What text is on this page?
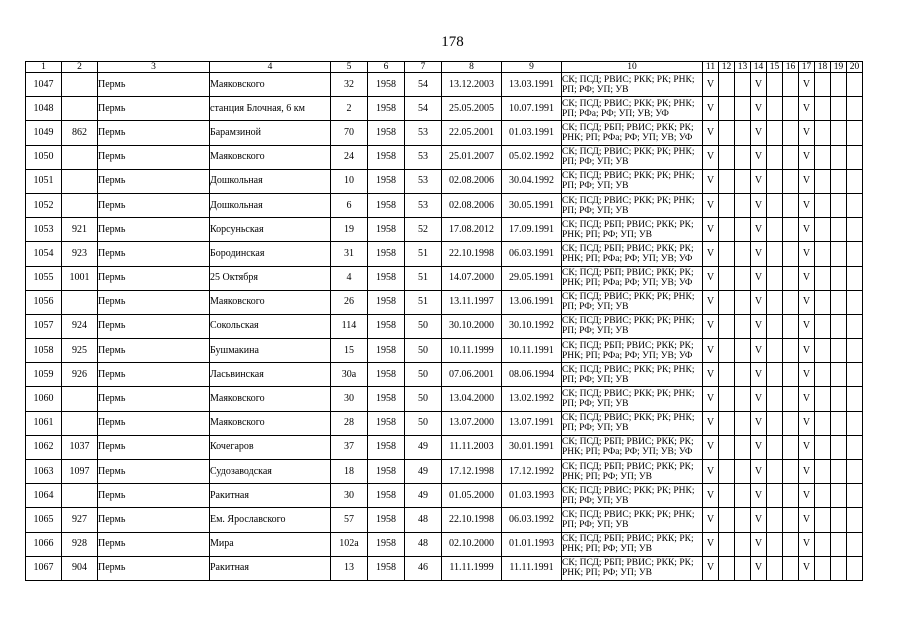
178
1	2	3	4	5	6	7	8	9	10	11	12	13	14	15	16	17	18	19	20
1047		Пермь	Маяковского	32	1958	54	13.12.2003	13.03.1991	СК; ПСД; РВИС; РКК; РК; РНК; РП; РФ; УП; УВ	V			V			V			
1048		Пермь	станция Блочная, 6 км	2	1958	54	25.05.2005	10.07.1991	СК; ПСД; РВИС; РКК; РК; РНК; РП; РФа; РФ; УП; УВ; УФ	V			V			V			
1049	862	Пермь	Барамзиной	70	1958	53	22.05.2001	01.03.1991	СК; ПСД; РБП; РВИС; РКК; РК; РНК; РП; РФа; РФ; УП; УВ; УФ	V			V			V			
1050		Пермь	Маяковского	24	1958	53	25.01.2007	05.02.1992	СК; ПСД; РВИС; РКК; РК; РНК; РП; РФ; УП; УВ	V			V			V			
1051		Пермь	Дошкольная	10	1958	53	02.08.2006	30.04.1992	СК; ПСД; РВИС; РКК; РК; РНК; РП; РФ; УП; УВ	V			V			V			
1052		Пермь	Дошкольная	6	1958	53	02.08.2006	30.05.1991	СК; ПСД; РВИС; РКК; РК; РНК; РП; РФ; УП; УВ	V			V			V			
1053	921	Пермь	Корсуньская	19	1958	52	17.08.2012	17.09.1991	СК; ПСД; РБП; РВИС; РКК; РК; РНК; РП; РФ; УП; УВ	V			V			V			
1054	923	Пермь	Бородинская	31	1958	51	22.10.1998	06.03.1991	СК; ПСД; РБП; РВИС; РКК; РК; РНК; РП; РФа; РФ; УП; УВ; УФ	V			V			V			
1055	1001	Пермь	25 Октября	4	1958	51	14.07.2000	29.05.1991	СК; ПСД; РБП; РВИС; РКК; РК; РНК; РП; РФа; РФ; УП; УВ; УФ	V			V			V			
1056		Пермь	Маяковского	26	1958	51	13.11.1997	13.06.1991	СК; ПСД; РВИС; РКК; РК; РНК; РП; РФ; УП; УВ	V			V			V			
1057	924	Пермь	Сокольская	114	1958	50	30.10.2000	30.10.1992	СК; ПСД; РВИС; РКК; РК; РНК; РП; РФ; УП; УВ	V			V			V			
1058	925	Пермь	Бушмакина	15	1958	50	10.11.1999	10.11.1991	СК; ПСД; РБП; РВИС; РКК; РК; РНК; РП; РФа; РФ; УП; УВ; УФ	V			V			V			
1059	926	Пермь	Ласьвинская	30а	1958	50	07.06.2001	08.06.1994	СК; ПСД; РВИС; РКК; РК; РНК; РП; РФ; УП; УВ	V			V			V			
1060		Пермь	Маяковского	30	1958	50	13.04.2000	13.02.1992	СК; ПСД; РВИС; РКК; РК; РНК; РП; РФ; УП; УВ	V			V			V			
1061		Пермь	Маяковского	28	1958	50	13.07.2000	13.07.1991	СК; ПСД; РВИС; РКК; РК; РНК; РП; РФ; УП; УВ	V			V			V			
1062	1037	Пермь	Кочегаров	37	1958	49	11.11.2003	30.01.1991	СК; ПСД; РБП; РВИС; РКК; РК; РНК; РП; РФа; РФ; УП; УВ; УФ	V			V			V			
1063	1097	Пермь	Судозаводская	18	1958	49	17.12.1998	17.12.1992	СК; ПСД; РБП; РВИС; РКК; РК; РНК; РП; РФ; УП; УВ	V			V			V			
1064		Пермь	Ракитная	30	1958	49	01.05.2000	01.03.1993	СК; ПСД; РВИС; РКК; РК; РНК; РП; РФ; УП; УВ	V			V			V			
1065	927	Пермь	Ем. Ярославского	57	1958	48	22.10.1998	06.03.1992	СК; ПСД; РВИС; РКК; РК; РНК; РП; РФ; УП; УВ	V			V			V			
1066	928	Пермь	Мира	102а	1958	48	02.10.2000	01.01.1993	СК; ПСД; РБП; РВИС; РКК; РК; РНК; РП; РФ; УП; УВ	V			V			V			
1067	904	Пермь	Ракитная	13	1958	46	11.11.1999	11.11.1991	СК; ПСД; РБП; РВИС; РКК; РК; РНК; РП; РФ; УП; УВ	V			V			V			
